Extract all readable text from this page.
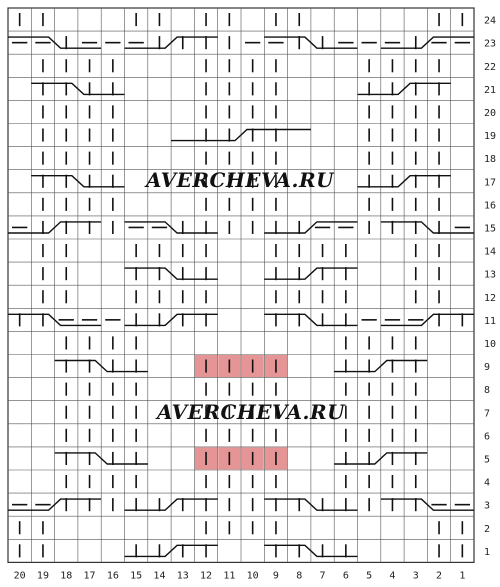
1
2
3
4
5
6
7
8
9
10
11
12
13
14
15
16
17
18
19
20
21
22
23
24
20 19 18 17 16 15 14 13 12 11 10 9 8 7 6 5 4 3 2 1
AVERCHEVA.RU
AVERCHEVA.RU
